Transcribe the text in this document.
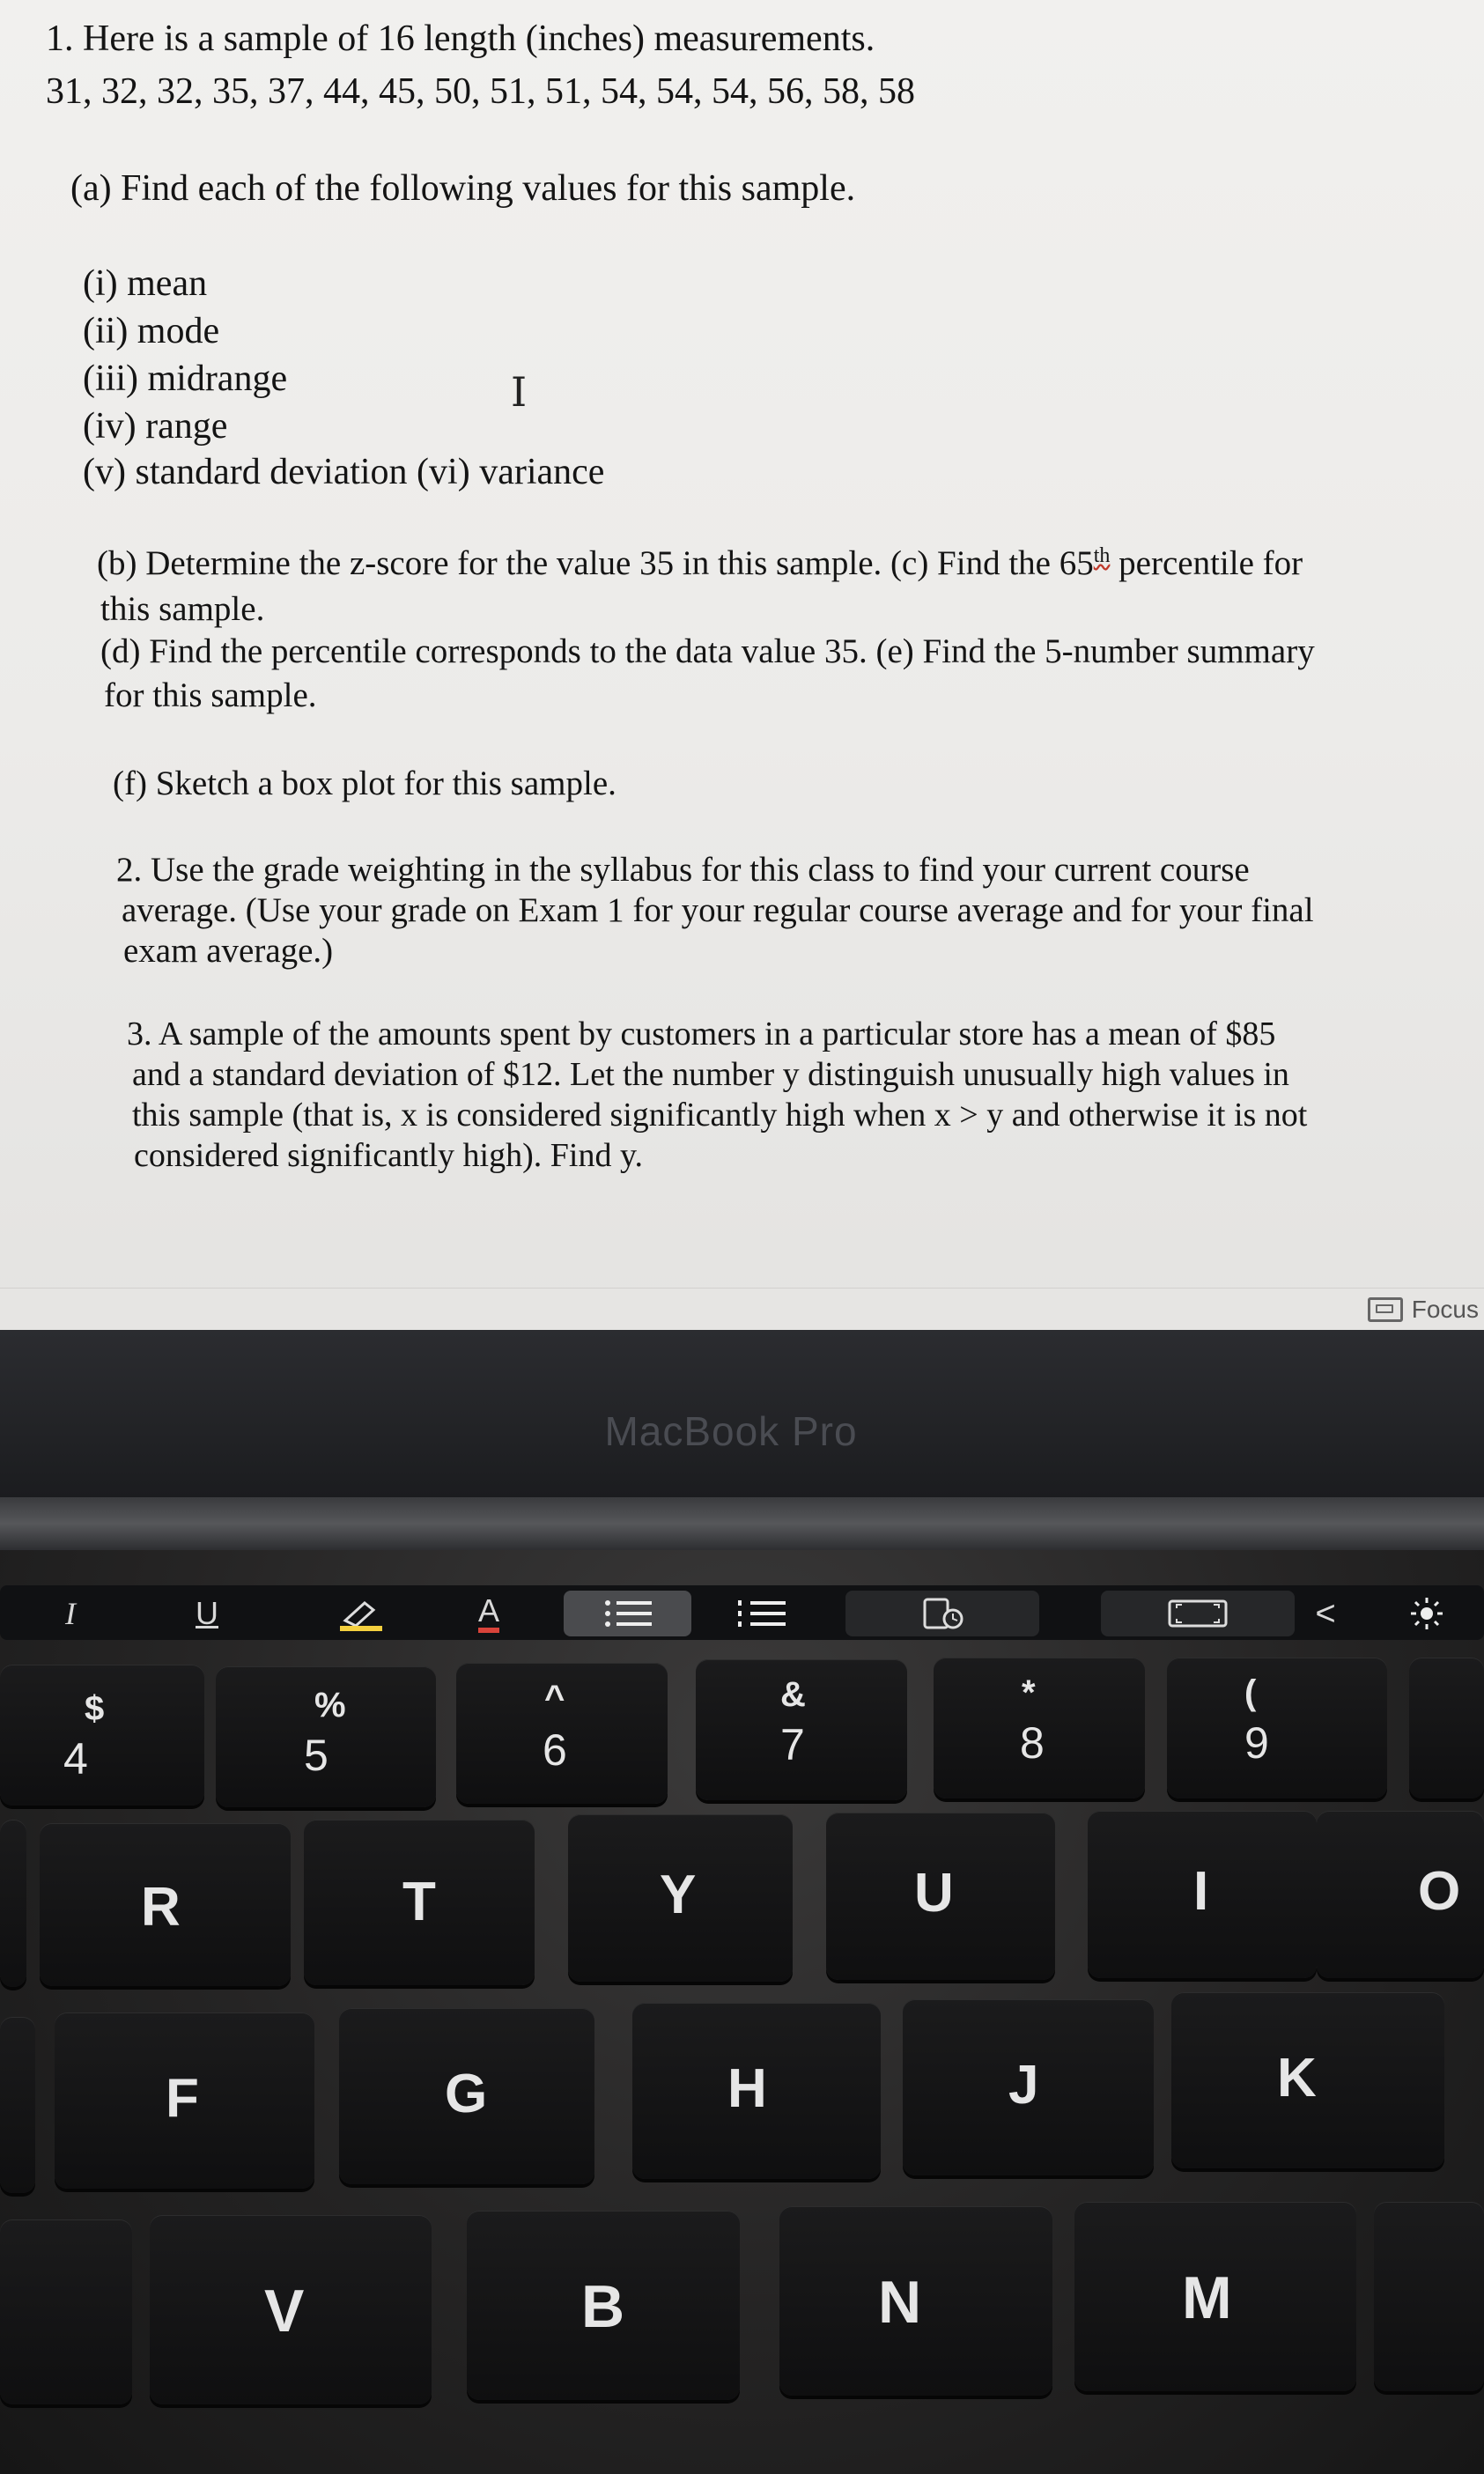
1. Here is a sample of 16 length (inches) measurements.
31, 32, 32, 35, 37, 44, 45, 50, 51, 51, 54, 54, 54, 56, 58, 58
(a) Find each of the following values for this sample.
(i) mean
(ii) mode
(iii) midrange
(iv) range
(v) standard deviation (vi) variance
I
(b) Determine the z-score for the value 35 in this sample. (c) Find the 65th percentile for
this sample.
(d) Find the percentile corresponds to the data value 35. (e) Find the 5-number summary
for this sample.
(f) Sketch a box plot for this sample.
2. Use the grade weighting in the syllabus for this class to find your current course
average. (Use your grade on Exam 1 for your regular course average and for your final
exam average.)
3. A sample of the amounts spent by customers in a particular store has a mean of $85
and a standard deviation of $12. Let the number y distinguish unusually high values in
this sample (that is, x is considered significantly high when x > y and otherwise it is not
considered significantly high). Find y.
Focus
MacBook Pro
I	U	A	<
$
4
%
5
^
6
&
7
*
8
(
9
R	T	Y	U	I	O
F	G	H	J	K
V	B	N	M
